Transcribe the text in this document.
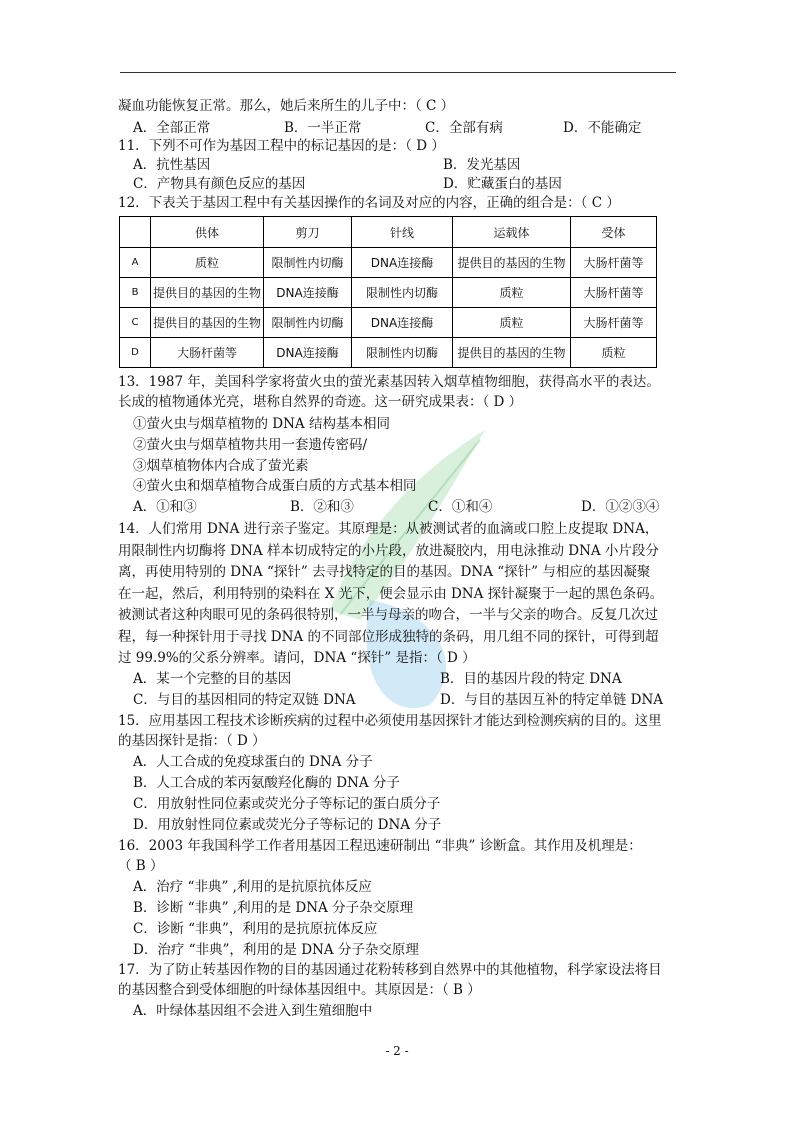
凝血功能恢复正常。那么，她后来所生的儿子中：（ C ）
A．全部正常	B．一半正常	C．全部有病	D．不能确定
11．下列不可作为基因工程中的标记基因的是：（ D ）
A．抗性基因	B．发光基因
C．产物具有颜色反应的基因	D．贮藏蛋白的基因
12．下表关于基因工程中有关基因操作的名词及对应的内容，正确的组合是：（ C ）
	供体	剪刀	针线	运载体	受体
A	质粒	限制性内切酶	DNA连接酶	提供目的基因的生物	大肠杆菌等
B	提供目的基因的生物	DNA连接酶	限制性内切酶	质粒	大肠杆菌等
C	提供目的基因的生物	限制性内切酶	DNA连接酶	质粒	大肠杆菌等
D	大肠杆菌等	DNA连接酶	限制性内切酶	提供目的基因的生物	质粒
13．1987 年，美国科学家将萤火虫的萤光素基因转入烟草植物细胞，获得高水平的表达。
长成的植物通体光亮，堪称自然界的奇迹。这一研究成果表：（ D ）
①萤火虫与烟草植物的 DNA 结构基本相同
②萤火虫与烟草植物共用一套遗传密码/
③烟草植物体内合成了萤光素
④萤火虫和烟草植物合成蛋白质的方式基本相同
A．①和③	B．②和③	C．①和④	D．①②③④
14．人们常用 DNA 进行亲子鉴定。其原理是：从被测试者的血滴或口腔上皮提取 DNA，
用限制性内切酶将 DNA 样本切成特定的小片段，放进凝胶内，用电泳推动 DNA 小片段分
离，再使用特别的 DNA “探针” 去寻找特定的目的基因。DNA “探针” 与相应的基因凝聚
在一起，然后，利用特别的染料在 X 光下，便会显示由 DNA 探针凝聚于一起的黑色条码。
被测试者这种肉眼可见的条码很特别，一半与母亲的吻合，一半与父亲的吻合。反复几次过
程，每一种探针用于寻找 DNA 的不同部位形成独特的条码，用几组不同的探针，可得到超
过 99.9%的父系分辨率。请问，DNA “探针” 是指：（ D ）
A．某一个完整的目的基因	B．目的基因片段的特定 DNA
C．与目的基因相同的特定双链 DNA	D．与目的基因互补的特定单链 DNA
15．应用基因工程技术诊断疾病的过程中必须使用基因探针才能达到检测疾病的目的。这里
的基因探针是指：（ D ）
A．人工合成的免疫球蛋白的 DNA 分子
B．人工合成的苯丙氨酸羟化酶的 DNA 分子
C．用放射性同位素或荧光分子等标记的蛋白质分子
D．用放射性同位素或荧光分子等标记的 DNA 分子
16．2003 年我国科学工作者用基因工程迅速研制出 “非典” 诊断盒。其作用及机理是：
（ B ）
A．治疗 “非典” ,利用的是抗原抗体反应
B．诊断 “非典” ,利用的是 DNA 分子杂交原理
C．诊断 “非典”，利用的是抗原抗体反应
D．治疗 “非典”，利用的是 DNA 分子杂交原理
17．为了防止转基因作物的目的基因通过花粉转移到自然界中的其他植物，科学家设法将目
的基因整合到受体细胞的叶绿体基因组中。其原因是：（ B ）
A．叶绿体基因组不会进入到生殖细胞中
- 2 -
